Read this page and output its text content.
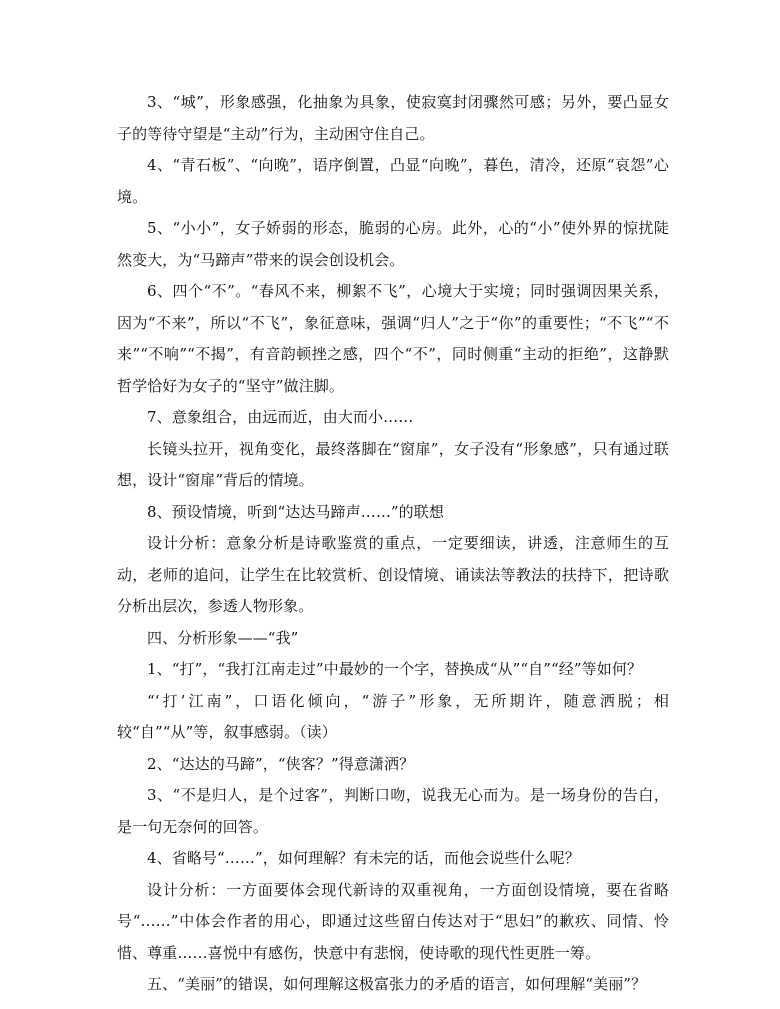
3、“城”，形象感强，化抽象为具象，使寂寞封闭骤然可感；另外，要凸显女子的等待守望是“主动”行为，主动困守住自己。

4、“青石板”、“向晚”，语序倒置，凸显“向晚”，暮色，清冷，还原“哀怨”心境。

5、“小小”，女子娇弱的形态，脆弱的心房。此外，心的“小”使外界的惊扰陡然变大，为“马蹄声”带来的误会创设机会。

6、四个“不”。“春风不来，柳絮不飞”，心境大于实境；同时强调因果关系，因为“不来”，所以“不飞”，象征意味，强调“归人”之于“你”的重要性；“不飞”“不来”“不响”“不揭”，有音韵顿挫之感，四个“不”，同时侧重“主动的拒绝”，这静默哲学恰好为女子的“坚守”做注脚。

7、意象组合，由远而近，由大而小……

长镜头拉开，视角变化，最终落脚在“窗扉”，女子没有“形象感”，只有通过联想，设计“窗扉”背后的情境。

8、预设情境，听到“达达马蹄声……”的联想

设计分析：意象分析是诗歌鉴赏的重点，一定要细读，讲透，注意师生的互动，老师的追问，让学生在比较赏析、创设情境、诵读法等教法的扶持下，把诗歌分析出层次，参透人物形象。

四、分析形象——“我”

1、“打”，“我打江南走过”中最妙的一个字，替换成“从”“自”“经”等如何？

“‘打’江南”，口语化倾向，“游子”形象，无所期许，随意洒脱；相较“自”“从”等，叙事感弱。（读）

2、“达达的马蹄”，“侠客？”得意潇洒？

3、“不是归人，是个过客”，判断口吻，说我无心而为。是一场身份的告白，是一句无奈何的回答。

4、省略号“……”，如何理解？有未完的话，而他会说些什么呢？

设计分析：一方面要体会现代新诗的双重视角，一方面创设情境，要在省略号“……”中体会作者的用心，即通过这些留白传达对于“思妇”的歉疚、同情、怜惜、尊重……喜悦中有感伤，快意中有悲悯，使诗歌的现代性更胜一筹。

五、“美丽”的错误，如何理解这极富张力的矛盾的语言，如何理解“美丽”？
